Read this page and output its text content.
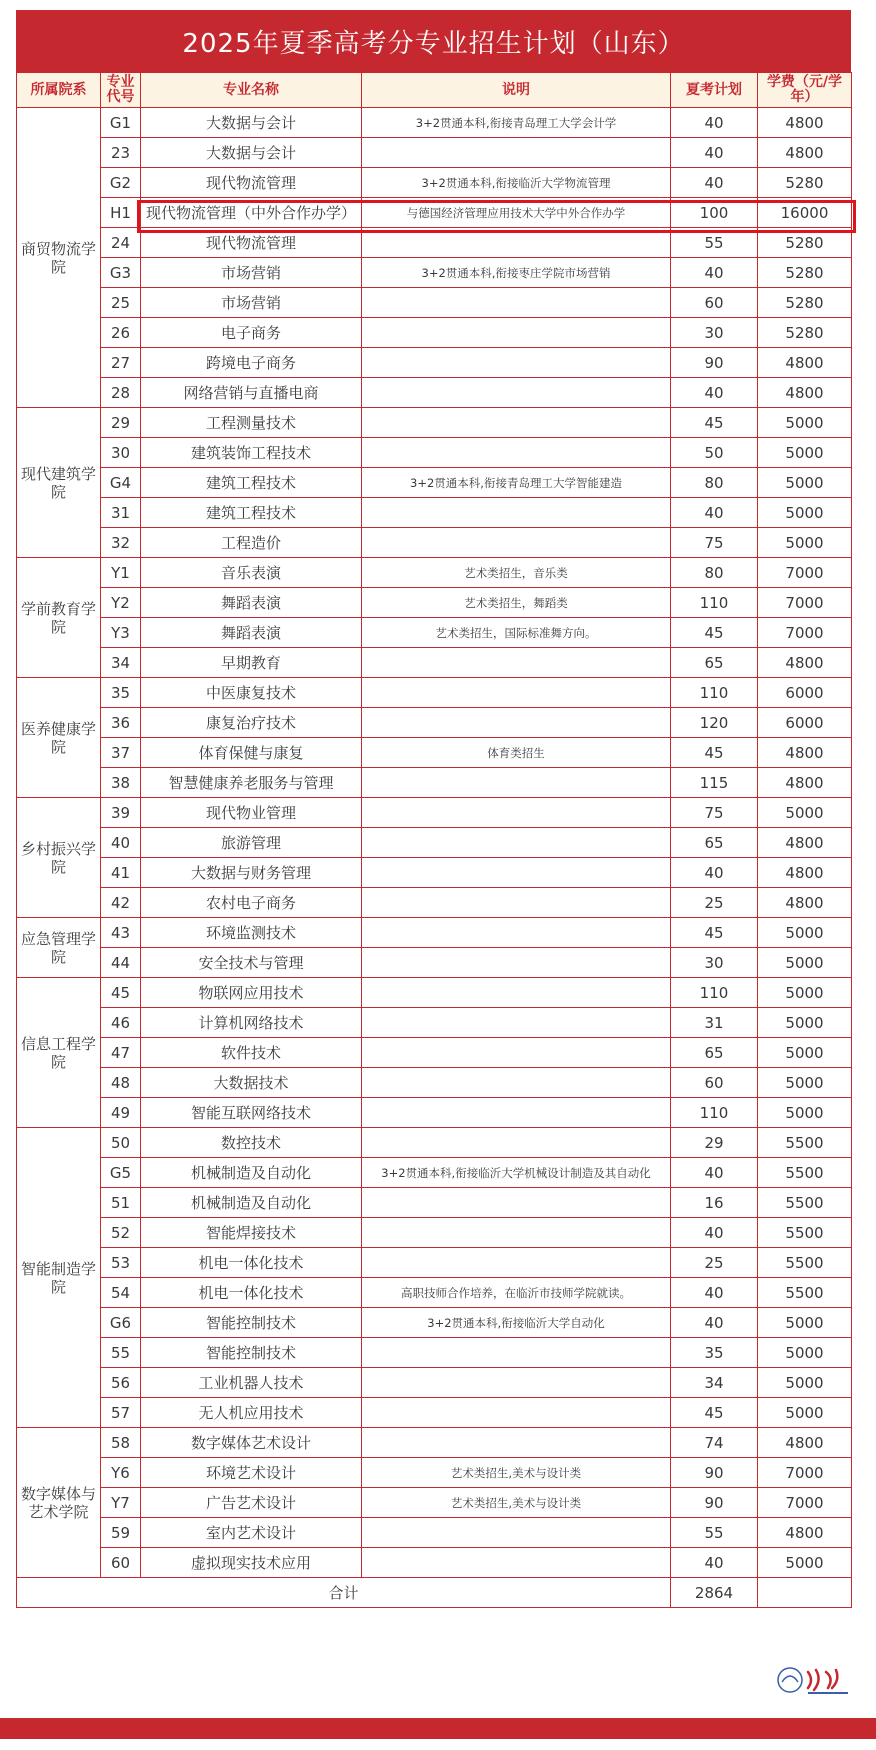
2025年夏季高考分专业招生计划（山东）
所属院系	专业代号	专业名称	说明	夏考计划	学费（元/学年）
商贸物流学院	G1	大数据与会计	3+2贯通本科,衔接青岛理工大学会计学	40	4800
	23	大数据与会计		40	4800
	G2	现代物流管理	3+2贯通本科,衔接临沂大学物流管理	40	5280
	H1	现代物流管理（中外合作办学）	与德国经济管理应用技术大学中外合作办学	100	16000
	24	现代物流管理		55	5280
	G3	市场营销	3+2贯通本科,衔接枣庄学院市场营销	40	5280
	25	市场营销		60	5280
	26	电子商务		30	5280
	27	跨境电子商务		90	4800
	28	网络营销与直播电商		40	4800
现代建筑学院	29	工程测量技术		45	5000
	30	建筑装饰工程技术		50	5000
	G4	建筑工程技术	3+2贯通本科,衔接青岛理工大学智能建造	80	5000
	31	建筑工程技术		40	5000
	32	工程造价		75	5000
学前教育学院	Y1	音乐表演	艺术类招生，音乐类	80	7000
	Y2	舞蹈表演	艺术类招生，舞蹈类	110	7000
	Y3	舞蹈表演	艺术类招生，国际标准舞方向。	45	7000
	34	早期教育		65	4800
医养健康学院	35	中医康复技术		110	6000
	36	康复治疗技术		120	6000
	37	体育保健与康复	体育类招生	45	4800
	38	智慧健康养老服务与管理		115	4800
乡村振兴学院	39	现代物业管理		75	5000
	40	旅游管理		65	4800
	41	大数据与财务管理		40	4800
	42	农村电子商务		25	4800
应急管理学院	43	环境监测技术		45	5000
	44	安全技术与管理		30	5000
信息工程学院	45	物联网应用技术		110	5000
	46	计算机网络技术		31	5000
	47	软件技术		65	5000
	48	大数据技术		60	5000
	49	智能互联网络技术		110	5000
智能制造学院	50	数控技术		29	5500
	G5	机械制造及自动化	3+2贯通本科,衔接临沂大学机械设计制造及其自动化	40	5500
	51	机械制造及自动化		16	5500
	52	智能焊接技术		40	5500
	53	机电一体化技术		25	5500
	54	机电一体化技术	高职技师合作培养，在临沂市技师学院就读。	40	5500
	G6	智能控制技术	3+2贯通本科,衔接临沂大学自动化	40	5000
	55	智能控制技术		35	5000
	56	工业机器人技术		34	5000
	57	无人机应用技术		45	5000
数字媒体与艺术学院	58	数字媒体艺术设计		74	4800
	Y6	环境艺术设计	艺术类招生,美术与设计类	90	7000
	Y7	广告艺术设计	艺术类招生,美术与设计类	90	7000
	59	室内艺术设计		55	4800
	60	虚拟现实技术应用		40	5000
合计				2864	
